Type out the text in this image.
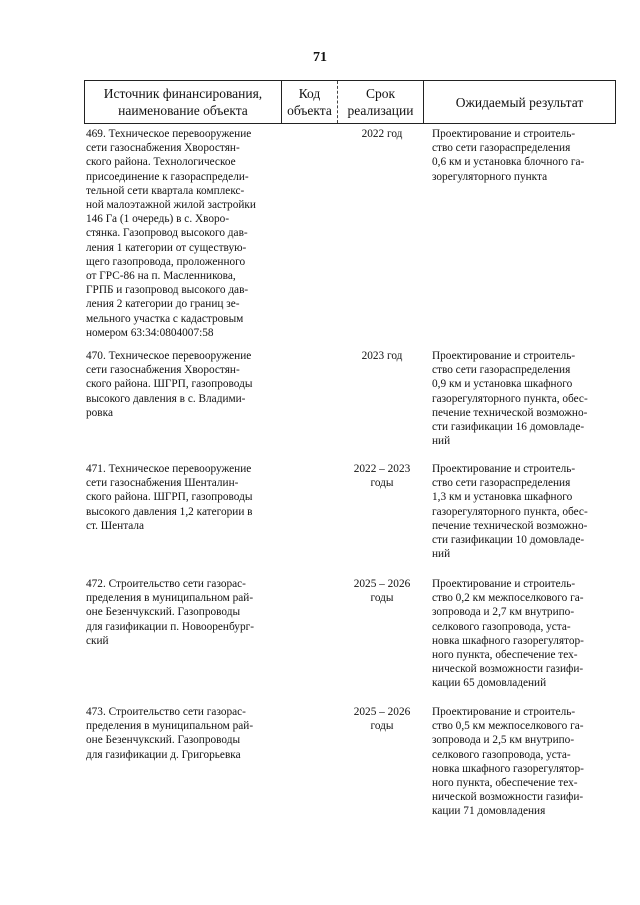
71
Источник финансирования,
наименование объекта
Код
объекта
Срок
реализации
Ожидаемый результат
469. Техническое перевооружение
сети газоснабжения Хворостян-
ского района. Технологическое
присоединение к газораспредели-
тельной сети квартала комплекс-
ной малоэтажной жилой застройки
146 Га (1 очередь) в с. Хворо-
стянка. Газопровод высокого дав-
ления 1 категории от существую-
щего газопровода, проложенного
от ГРС-86 на п. Масленникова,
ГРПБ и газопровод высокого дав-
ления 2 категории до границ зе-
мельного участка с кадастровым
номером 63:34:0804007:58
2022 год	Проектирование и строитель-
ство сети газораспределения
0,6 км и установка блочного га-
зорегуляторного пункта
470. Техническое перевооружение
сети газоснабжения Хворостян-
ского района. ШГРП, газопроводы
высокого давления в с. Владими-
ровка
2023 год	Проектирование и строитель-
ство сети газораспределения
0,9 км и установка шкафного
газорегуляторного пункта, обес-
печение технической возможно-
сти газификации 16 домовладе-
ний
471. Техническое перевооружение
сети газоснабжения Шенталин-
ского района. ШГРП, газопроводы
высокого давления 1,2 категории в
ст. Шентала
2022 – 2023
годы
Проектирование и строитель-
ство сети газораспределения
1,3 км и установка шкафного
газорегуляторного пункта, обес-
печение технической возможно-
сти газификации 10 домовладе-
ний
472. Строительство сети газорас-
пределения в муниципальном рай-
оне Безенчукский. Газопроводы
для газификации п. Новооренбург-
ский
2025 – 2026
годы
Проектирование и строитель-
ство 0,2 км межпоселкового га-
зопровода и 2,7 км внутрипо-
селкового газопровода, уста-
новка шкафного газорегулятор-
ного пункта, обеспечение тех-
нической возможности газифи-
кации 65 домовладений
473. Строительство сети газорас-
пределения в муниципальном рай-
оне Безенчукский. Газопроводы
для газификации д. Григорьевка
2025 – 2026
годы
Проектирование и строитель-
ство 0,5 км межпоселкового га-
зопровода и 2,5 км внутрипо-
селкового газопровода, уста-
новка шкафного газорегулятор-
ного пункта, обеспечение тех-
нической возможности газифи-
кации 71 домовладения
